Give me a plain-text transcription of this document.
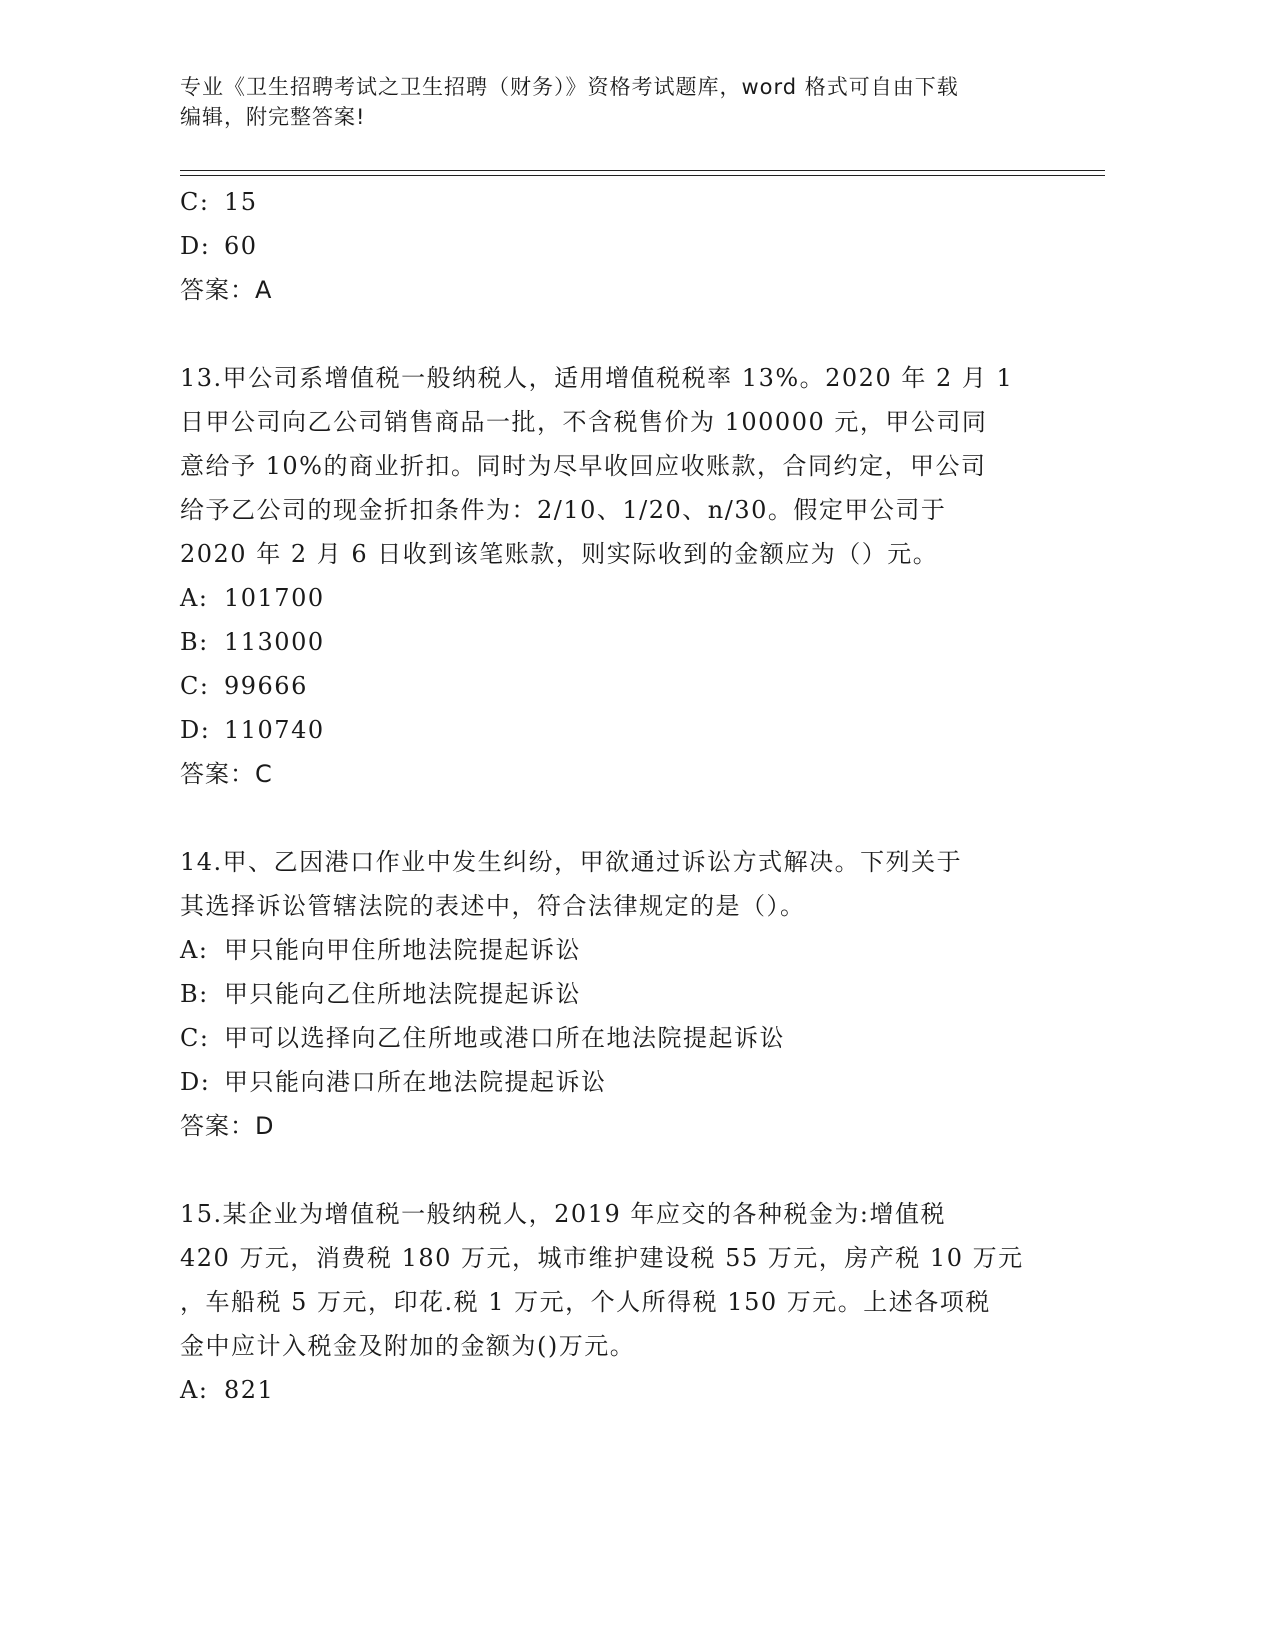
专业《卫生招聘考试之卫生招聘（财务）》资格考试题库，word 格式可自由下载
编辑，附完整答案!
C: 15
D: 60
答案：A
13.甲公司系增值税一般纳税人，适用增值税税率 13%。2020 年 2 月 1
日甲公司向乙公司销售商品一批，不含税售价为 100000 元，甲公司同
意给予 10%的商业折扣。同时为尽早收回应收账款，合同约定，甲公司
给予乙公司的现金折扣条件为：2/10、1/20、n/30。假定甲公司于
2020 年 2 月 6 日收到该笔账款，则实际收到的金额应为（）元。
A: 101700
B: 113000
C: 99666
D: 110740
答案：C
14.甲、乙因港口作业中发生纠纷，甲欲通过诉讼方式解决。下列关于
其选择诉讼管辖法院的表述中，符合法律规定的是（）。
A: 甲只能向甲住所地法院提起诉讼
B: 甲只能向乙住所地法院提起诉讼
C: 甲可以选择向乙住所地或港口所在地法院提起诉讼
D: 甲只能向港口所在地法院提起诉讼
答案：D
15.某企业为增值税一般纳税人，2019 年应交的各种税金为:增值税
420 万元，消费税 180 万元，城市维护建设税 55 万元，房产税 10 万元
，车船税 5 万元，印花.税 1 万元，个人所得税 150 万元。上述各项税
金中应计入税金及附加的金额为()万元。
A: 821
